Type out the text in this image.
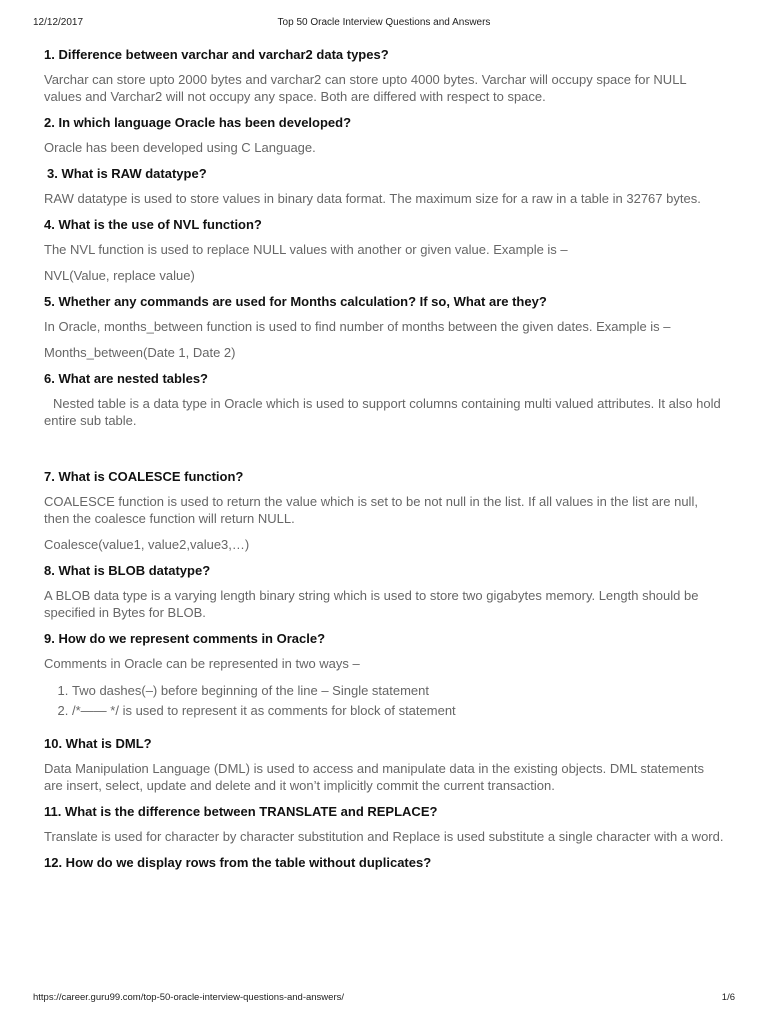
12/12/2017	Top 50 Oracle Interview Questions and Answers

1. Difference between varchar and varchar2 data types?

Varchar can store upto 2000 bytes and varchar2 can store upto 4000 bytes. Varchar will occupy space for NULL values and Varchar2 will not occupy any space. Both are differed with respect to space.

2. In which language Oracle has been developed?

Oracle has been developed using C Language.

3. What is RAW datatype?

RAW datatype is used to store values in binary data format. The maximum size for a raw in a table in 32767 bytes.

4. What is the use of NVL function?

The NVL function is used to replace NULL values with another or given value. Example is –

NVL(Value, replace value)

5. Whether any commands are used for Months calculation? If so, What are they?

In Oracle, months_between function is used to find number of months between the given dates. Example is –

Months_between(Date 1, Date 2)

6. What are nested tables?

Nested table is a data type in Oracle which is used to support columns containing multi valued attributes. It also hold entire sub table.

7. What is COALESCE function?

COALESCE function is used to return the value which is set to be not null in the list. If all values in the list are null, then the coalesce function will return NULL.

Coalesce(value1, value2,value3,…)

8. What is BLOB datatype?

A BLOB data type is a varying length binary string which is used to store two gigabytes memory. Length should be specified in Bytes for BLOB.

9. How do we represent comments in Oracle?

Comments in Oracle can be represented in two ways –

1. Two dashes(–) before beginning of the line – Single statement
2. /*—— */ is used to represent it as comments for block of statement

10. What is DML?

Data Manipulation Language (DML) is used to access and manipulate data in the existing objects. DML statements are insert, select, update and delete and it won’t implicitly commit the current transaction.

11. What is the difference between TRANSLATE and REPLACE?

Translate is used for character by character substitution and Replace is used substitute a single character with a word.

12. How do we display rows from the table without duplicates?

https://career.guru99.com/top-50-oracle-interview-questions-and-answers/	1/6
